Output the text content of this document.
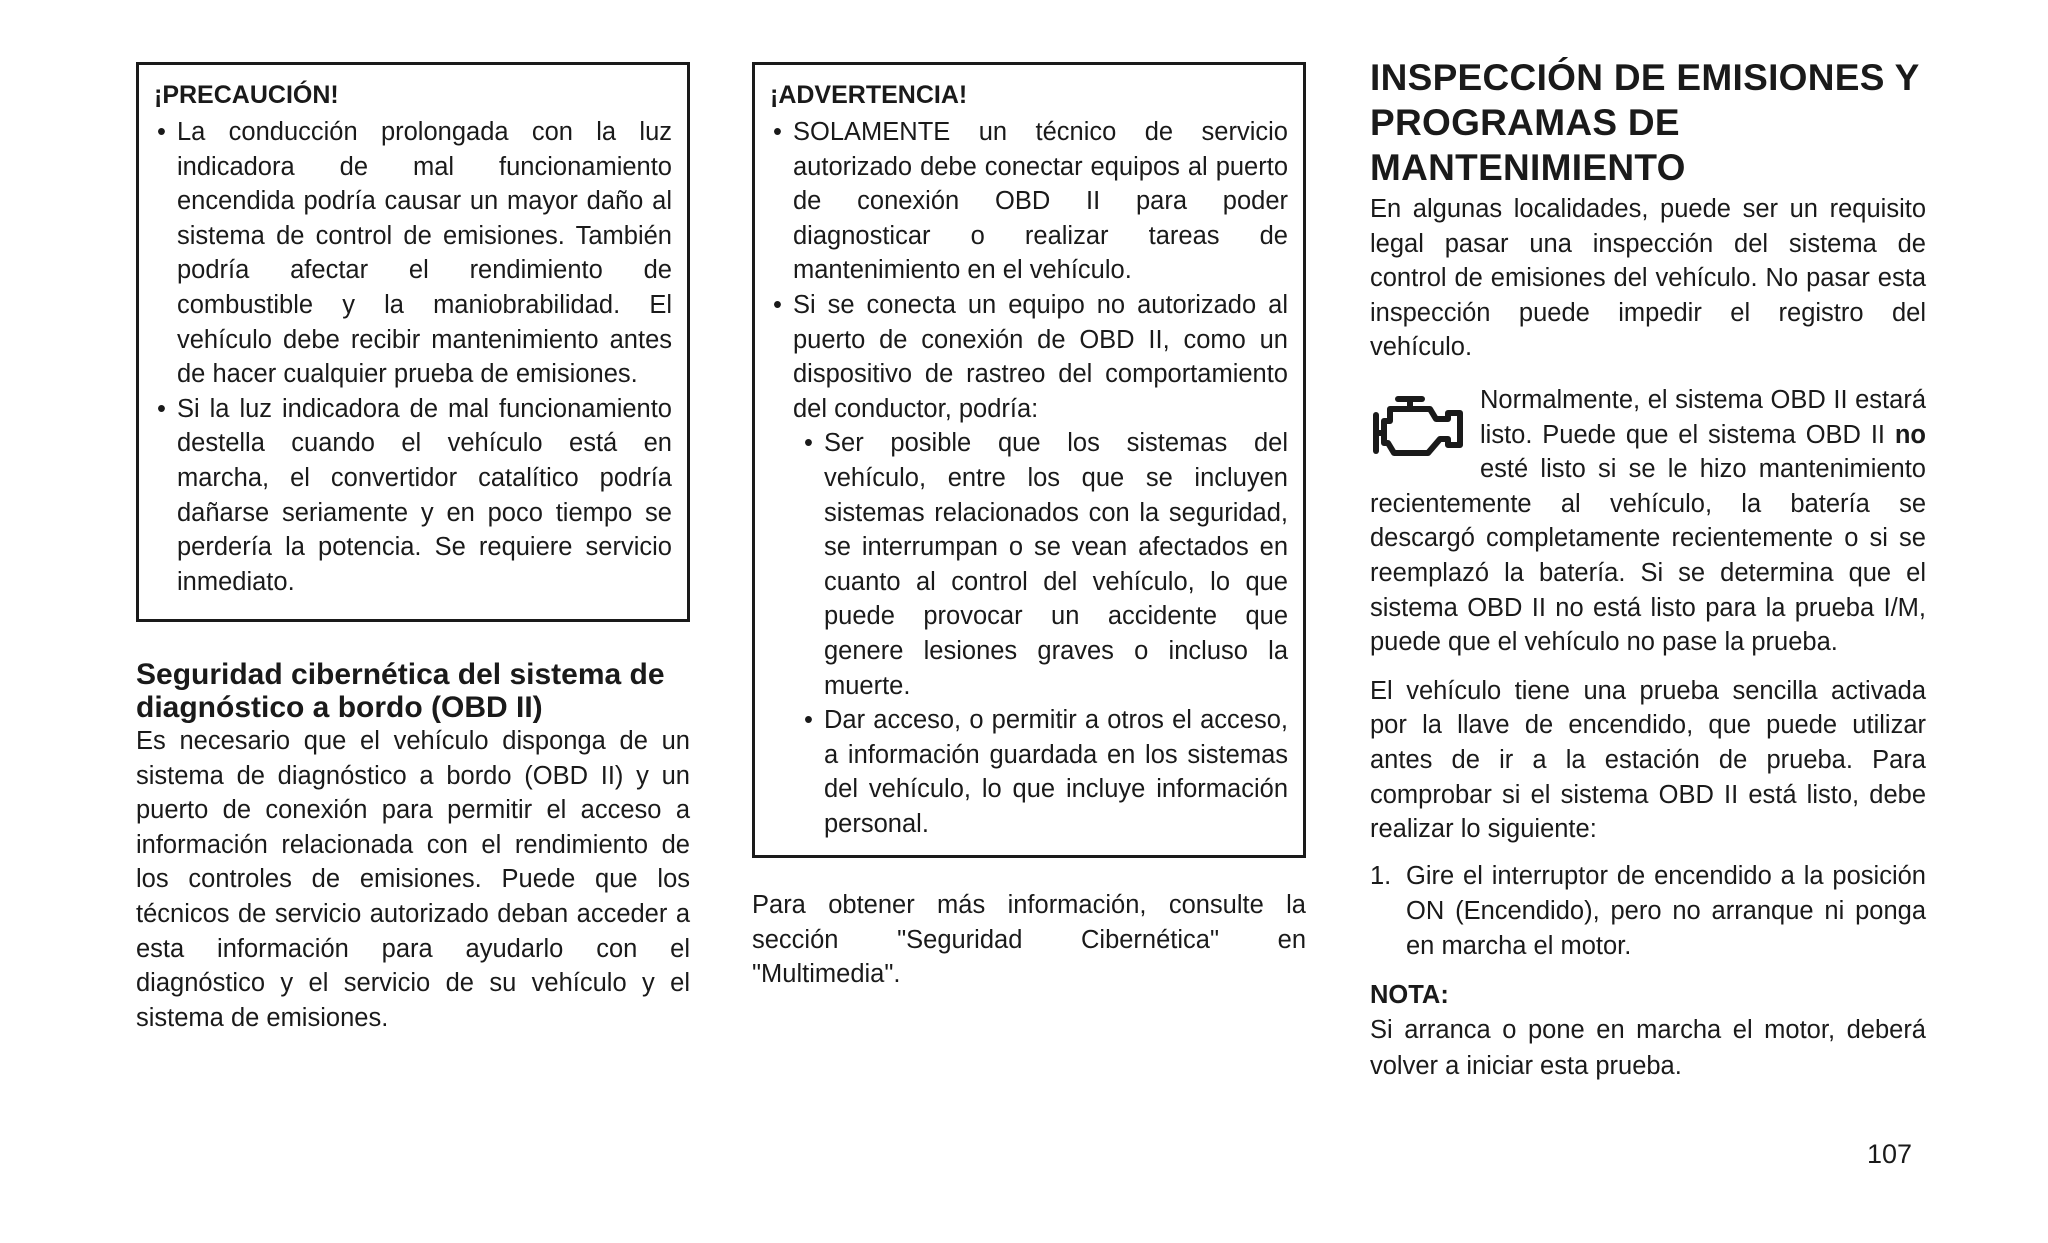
¡PRECAUCIÓN!
• La conducción prolongada con la luz indicadora de mal funcionamiento encendida podría causar un mayor daño al sistema de control de emisiones. También podría afectar el rendimiento de combustible y la maniobrabilidad. El vehículo debe recibir mantenimiento antes de hacer cualquier prueba de emisiones.
• Si la luz indicadora de mal funcionamiento destella cuando el vehículo está en marcha, el convertidor catalítico podría dañarse seriamente y en poco tiempo se perdería la potencia. Se requiere servicio inmediato.
Seguridad cibernética del sistema de diagnóstico a bordo (OBD II)

Es necesario que el vehículo disponga de un sistema de diagnóstico a bordo (OBD II) y un puerto de conexión para permitir el acceso a información relacionada con el rendimiento de los controles de emisiones. Puede que los técnicos de servicio autorizado deban acceder a esta información para ayudarlo con el diagnóstico y el servicio de su vehículo y el sistema de emisiones.

¡ADVERTENCIA!
• SOLAMENTE un técnico de servicio autorizado debe conectar equipos al puerto de conexión OBD II para poder diagnosticar o realizar tareas de mantenimiento en el vehículo.
• Si se conecta un equipo no autorizado al puerto de conexión de OBD II, como un dispositivo de rastreo del comportamiento del conductor, podría:
• Ser posible que los sistemas del vehículo, entre los que se incluyen sistemas relacionados con la seguridad, se interrumpan o se vean afectados en cuanto al control del vehículo, lo que puede provocar un accidente que genere lesiones graves o incluso la muerte.
• Dar acceso, o permitir a otros el acceso, a información guardada en los sistemas del vehículo, lo que incluye información personal.

Para obtener más información, consulte la sección "Seguridad Cibernética" en "Multimedia".

INSPECCIÓN DE EMISIONES Y PROGRAMAS DE MANTENIMIENTO

En algunas localidades, puede ser un requisito legal pasar una inspección del sistema de control de emisiones del vehículo. No pasar esta inspección puede impedir el registro del vehículo.

Normalmente, el sistema OBD II estará listo. Puede que el sistema OBD II no esté listo si se le hizo mantenimiento recientemente al vehículo, la batería se descargó completamente recientemente o si se reemplazó la batería. Si se determina que el sistema OBD II no está listo para la prueba I/M, puede que el vehículo no pase la prueba.

El vehículo tiene una prueba sencilla activada por la llave de encendido, que puede utilizar antes de ir a la estación de prueba. Para comprobar si el sistema OBD II está listo, debe realizar lo siguiente:

1. Gire el interruptor de encendido a la posición ON (Encendido), pero no arranque ni ponga en marcha el motor.
NOTA:

Si arranca o pone en marcha el motor, deberá volver a iniciar esta prueba.

107
